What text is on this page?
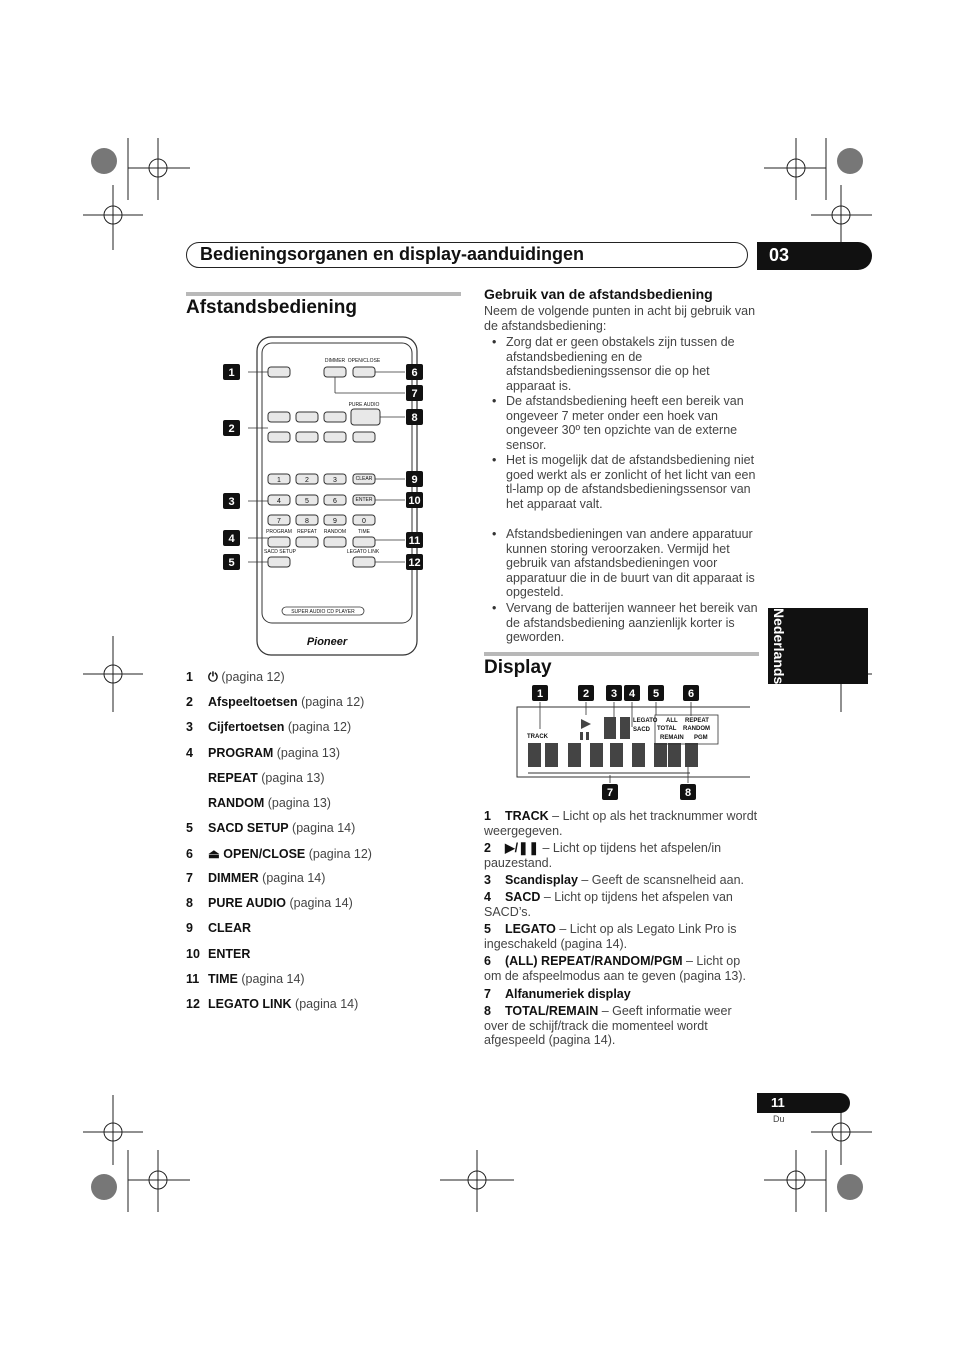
Bedieningsorganen en display-aanduidingen	03
Afstandsbediening
DIMMER OPEN/CLOSE
PURE AUDIO
CLEAR
ENTER
PROGRAM REPEAT RANDOM TIME
SACD SETUP	LEGATO LINK
SUPER AUDIO CD PLAYER
1	2	3
4	5	6
7	8	9	0
Pioneer
1
2
3
4
5
6
7
8
9
10
11
12
1 ⏻ (pagina 12)
2 Afspeeltoetsen (pagina 12)
3 Cijfertoetsen (pagina 12)
4 PROGRAM (pagina 13)
REPEAT (pagina 13)
RANDOM (pagina 13)
5 SACD SETUP (pagina 14)
6 ⏏ OPEN/CLOSE (pagina 12)
7 DIMMER (pagina 14)
8 PURE AUDIO (pagina 14)
9 CLEAR
10 ENTER
11 TIME (pagina 14)
12 LEGATO LINK (pagina 14)
Gebruik van de afstandsbediening
Neem de volgende punten in acht bij gebruik van de afstandsbediening:
• Zorg dat er geen obstakels zijn tussen de afstandsbediening en de afstandsbedieningssensor die op het apparaat is.
• De afstandsbediening heeft een bereik van ongeveer 7 meter onder een hoek van ongeveer 30º ten opzichte van de externe sensor.
• Het is mogelijk dat de afstandsbediening niet goed werkt als er zonlicht of het licht van een tl-lamp op de afstandsbedieningssensor van het apparaat valt.
• Afstandsbedieningen van andere apparatuur kunnen storing veroorzaken. Vermijd het gebruik van afstandsbedieningen voor apparatuur die in de buurt van dit apparaat is opgesteld.
• Vervang de batterijen wanneer het bereik van de afstandsbediening aanzienlijk korter is geworden.
Display
TRACK
LEGATO
SACD
ALL REPEAT
TOTAL RANDOM
REMAIN PGM
1	2 3 4 5	6
7	8
1 TRACK – Licht op als het tracknummer wordt weergegeven.
2 ▶/❚❚ – Licht op tijdens het afspelen/in pauzestand.
3 Scandisplay – Geeft de scansnelheid aan.
4 SACD – Licht op tijdens het afspelen van SACD’s.
5 LEGATO – Licht op als Legato Link Pro is ingeschakeld (pagina 14).
6 (ALL) REPEAT/RANDOM/PGM – Licht op om de afspeelmodus aan te geven (pagina 13).
7 Alfanumeriek display
8 TOTAL/REMAIN – Geeft informatie weer over de schijf/track die momenteel wordt afgespeeld (pagina 14).
Nederlands
11
Du
